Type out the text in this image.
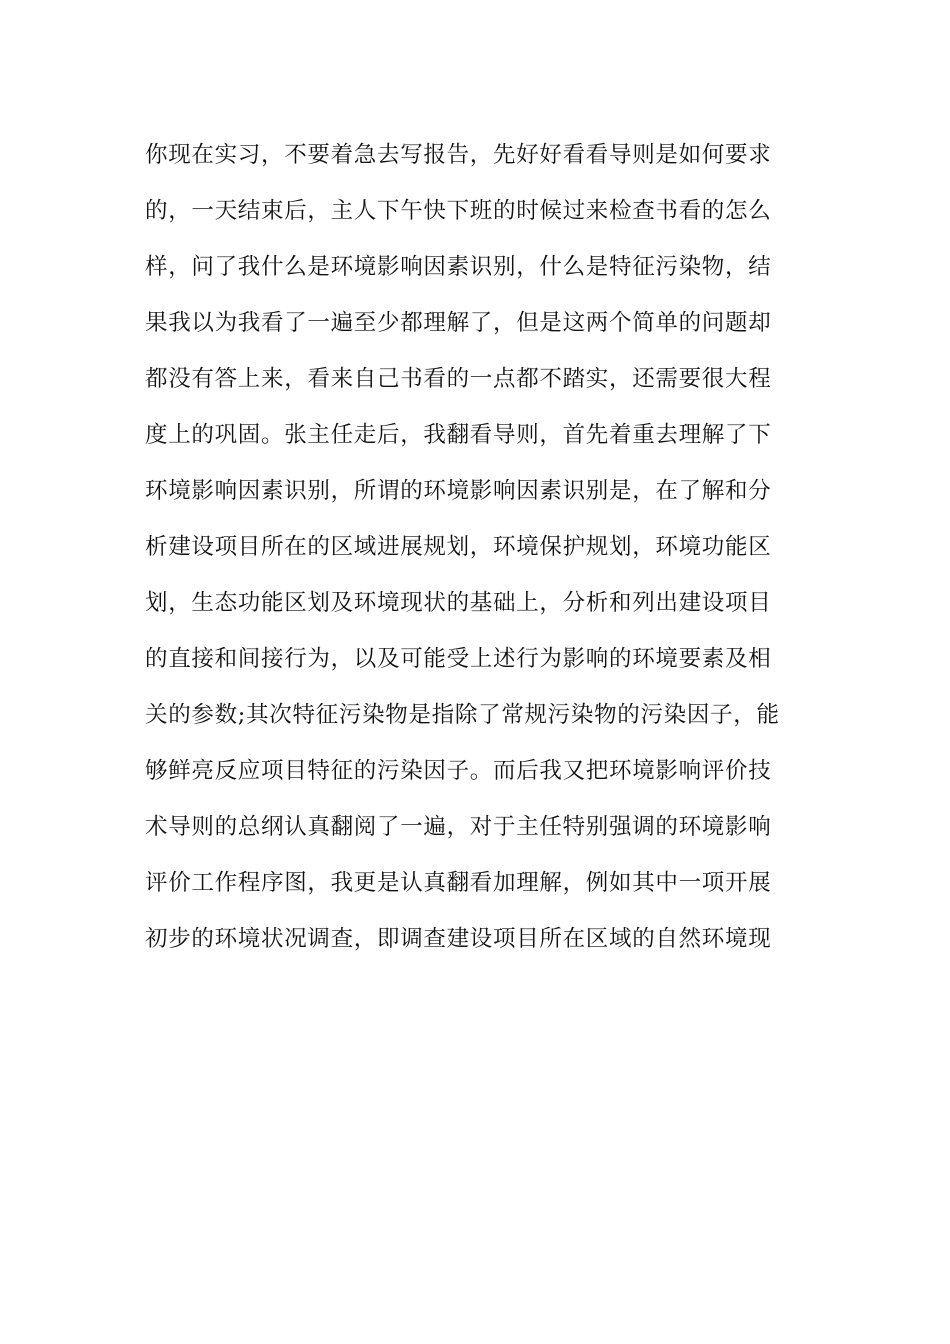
你现在实习，不要着急去写报告，先好好看看导则是如何要求
的，一天结束后，主人下午快下班的时候过来检查书看的怎么
样，问了我什么是环境影响因素识别，什么是特征污染物，结
果我以为我看了一遍至少都理解了，但是这两个简单的问题却
都没有答上来，看来自己书看的一点都不踏实，还需要很大程
度上的巩固。张主任走后，我翻看导则，首先着重去理解了下
环境影响因素识别，所谓的环境影响因素识别是，在了解和分
析建设项目所在的区域进展规划，环境保护规划，环境功能区
划，生态功能区划及环境现状的基础上，分析和列出建设项目
的直接和间接行为，以及可能受上述行为影响的环境要素及相
关的参数;其次特征污染物是指除了常规污染物的污染因子，能
够鲜亮反应项目特征的污染因子。而后我又把环境影响评价技
术导则的总纲认真翻阅了一遍，对于主任特别强调的环境影响
评价工作程序图，我更是认真翻看加理解，例如其中一项开展
初步的环境状况调查，即调查建设项目所在区域的自然环境现
